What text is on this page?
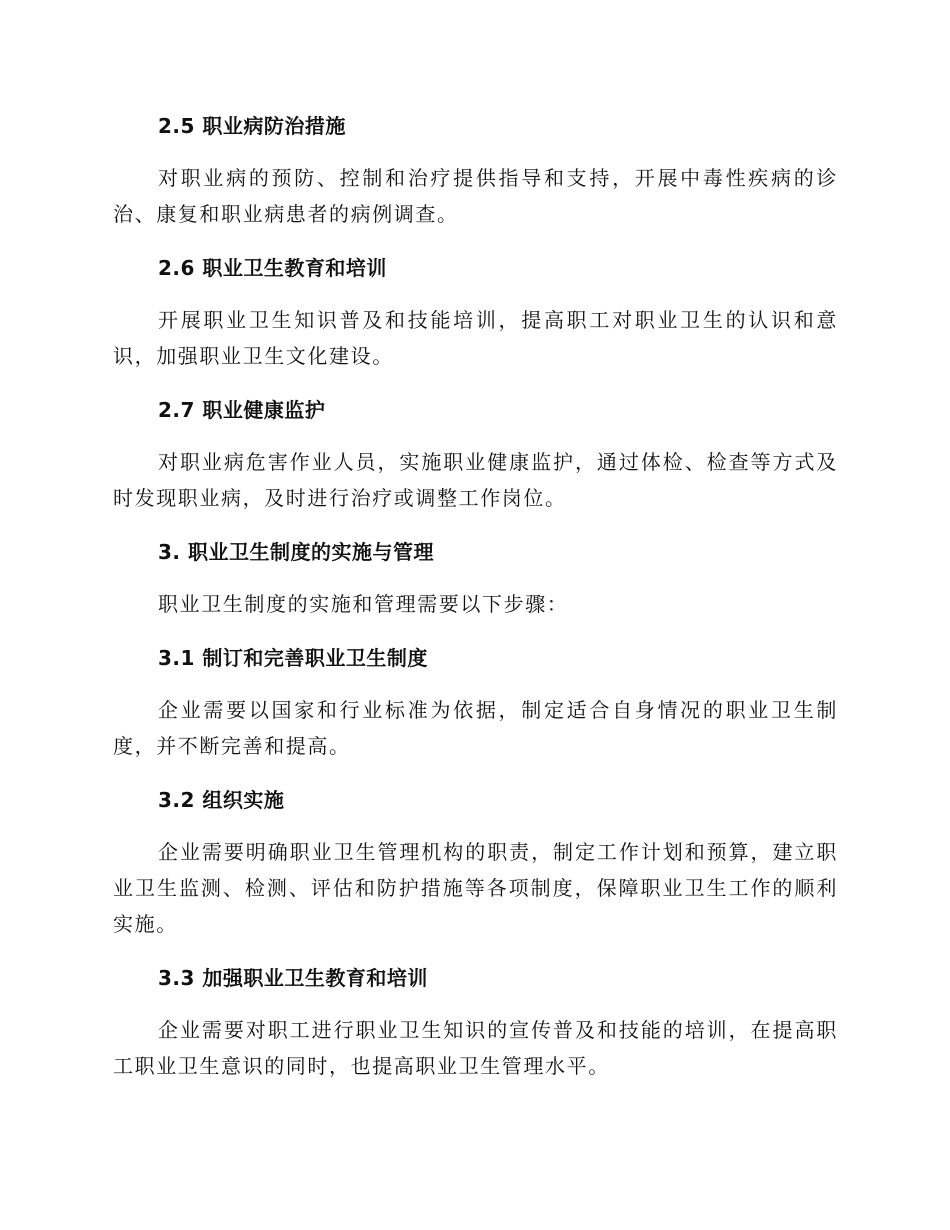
2.5 职业病防治措施

对职业病的预防、控制和治疗提供指导和支持，开展中毒性疾病的诊治、康复和职业病患者的病例调查。

2.6 职业卫生教育和培训

开展职业卫生知识普及和技能培训，提高职工对职业卫生的认识和意识，加强职业卫生文化建设。

2.7 职业健康监护

对职业病危害作业人员，实施职业健康监护，通过体检、检查等方式及时发现职业病，及时进行治疗或调整工作岗位。

3. 职业卫生制度的实施与管理

职业卫生制度的实施和管理需要以下步骤：

3.1 制订和完善职业卫生制度

企业需要以国家和行业标准为依据，制定适合自身情况的职业卫生制度，并不断完善和提高。

3.2 组织实施

企业需要明确职业卫生管理机构的职责，制定工作计划和预算，建立职业卫生监测、检测、评估和防护措施等各项制度，保障职业卫生工作的顺利实施。

3.3 加强职业卫生教育和培训

企业需要对职工进行职业卫生知识的宣传普及和技能的培训，在提高职工职业卫生意识的同时，也提高职业卫生管理水平。
